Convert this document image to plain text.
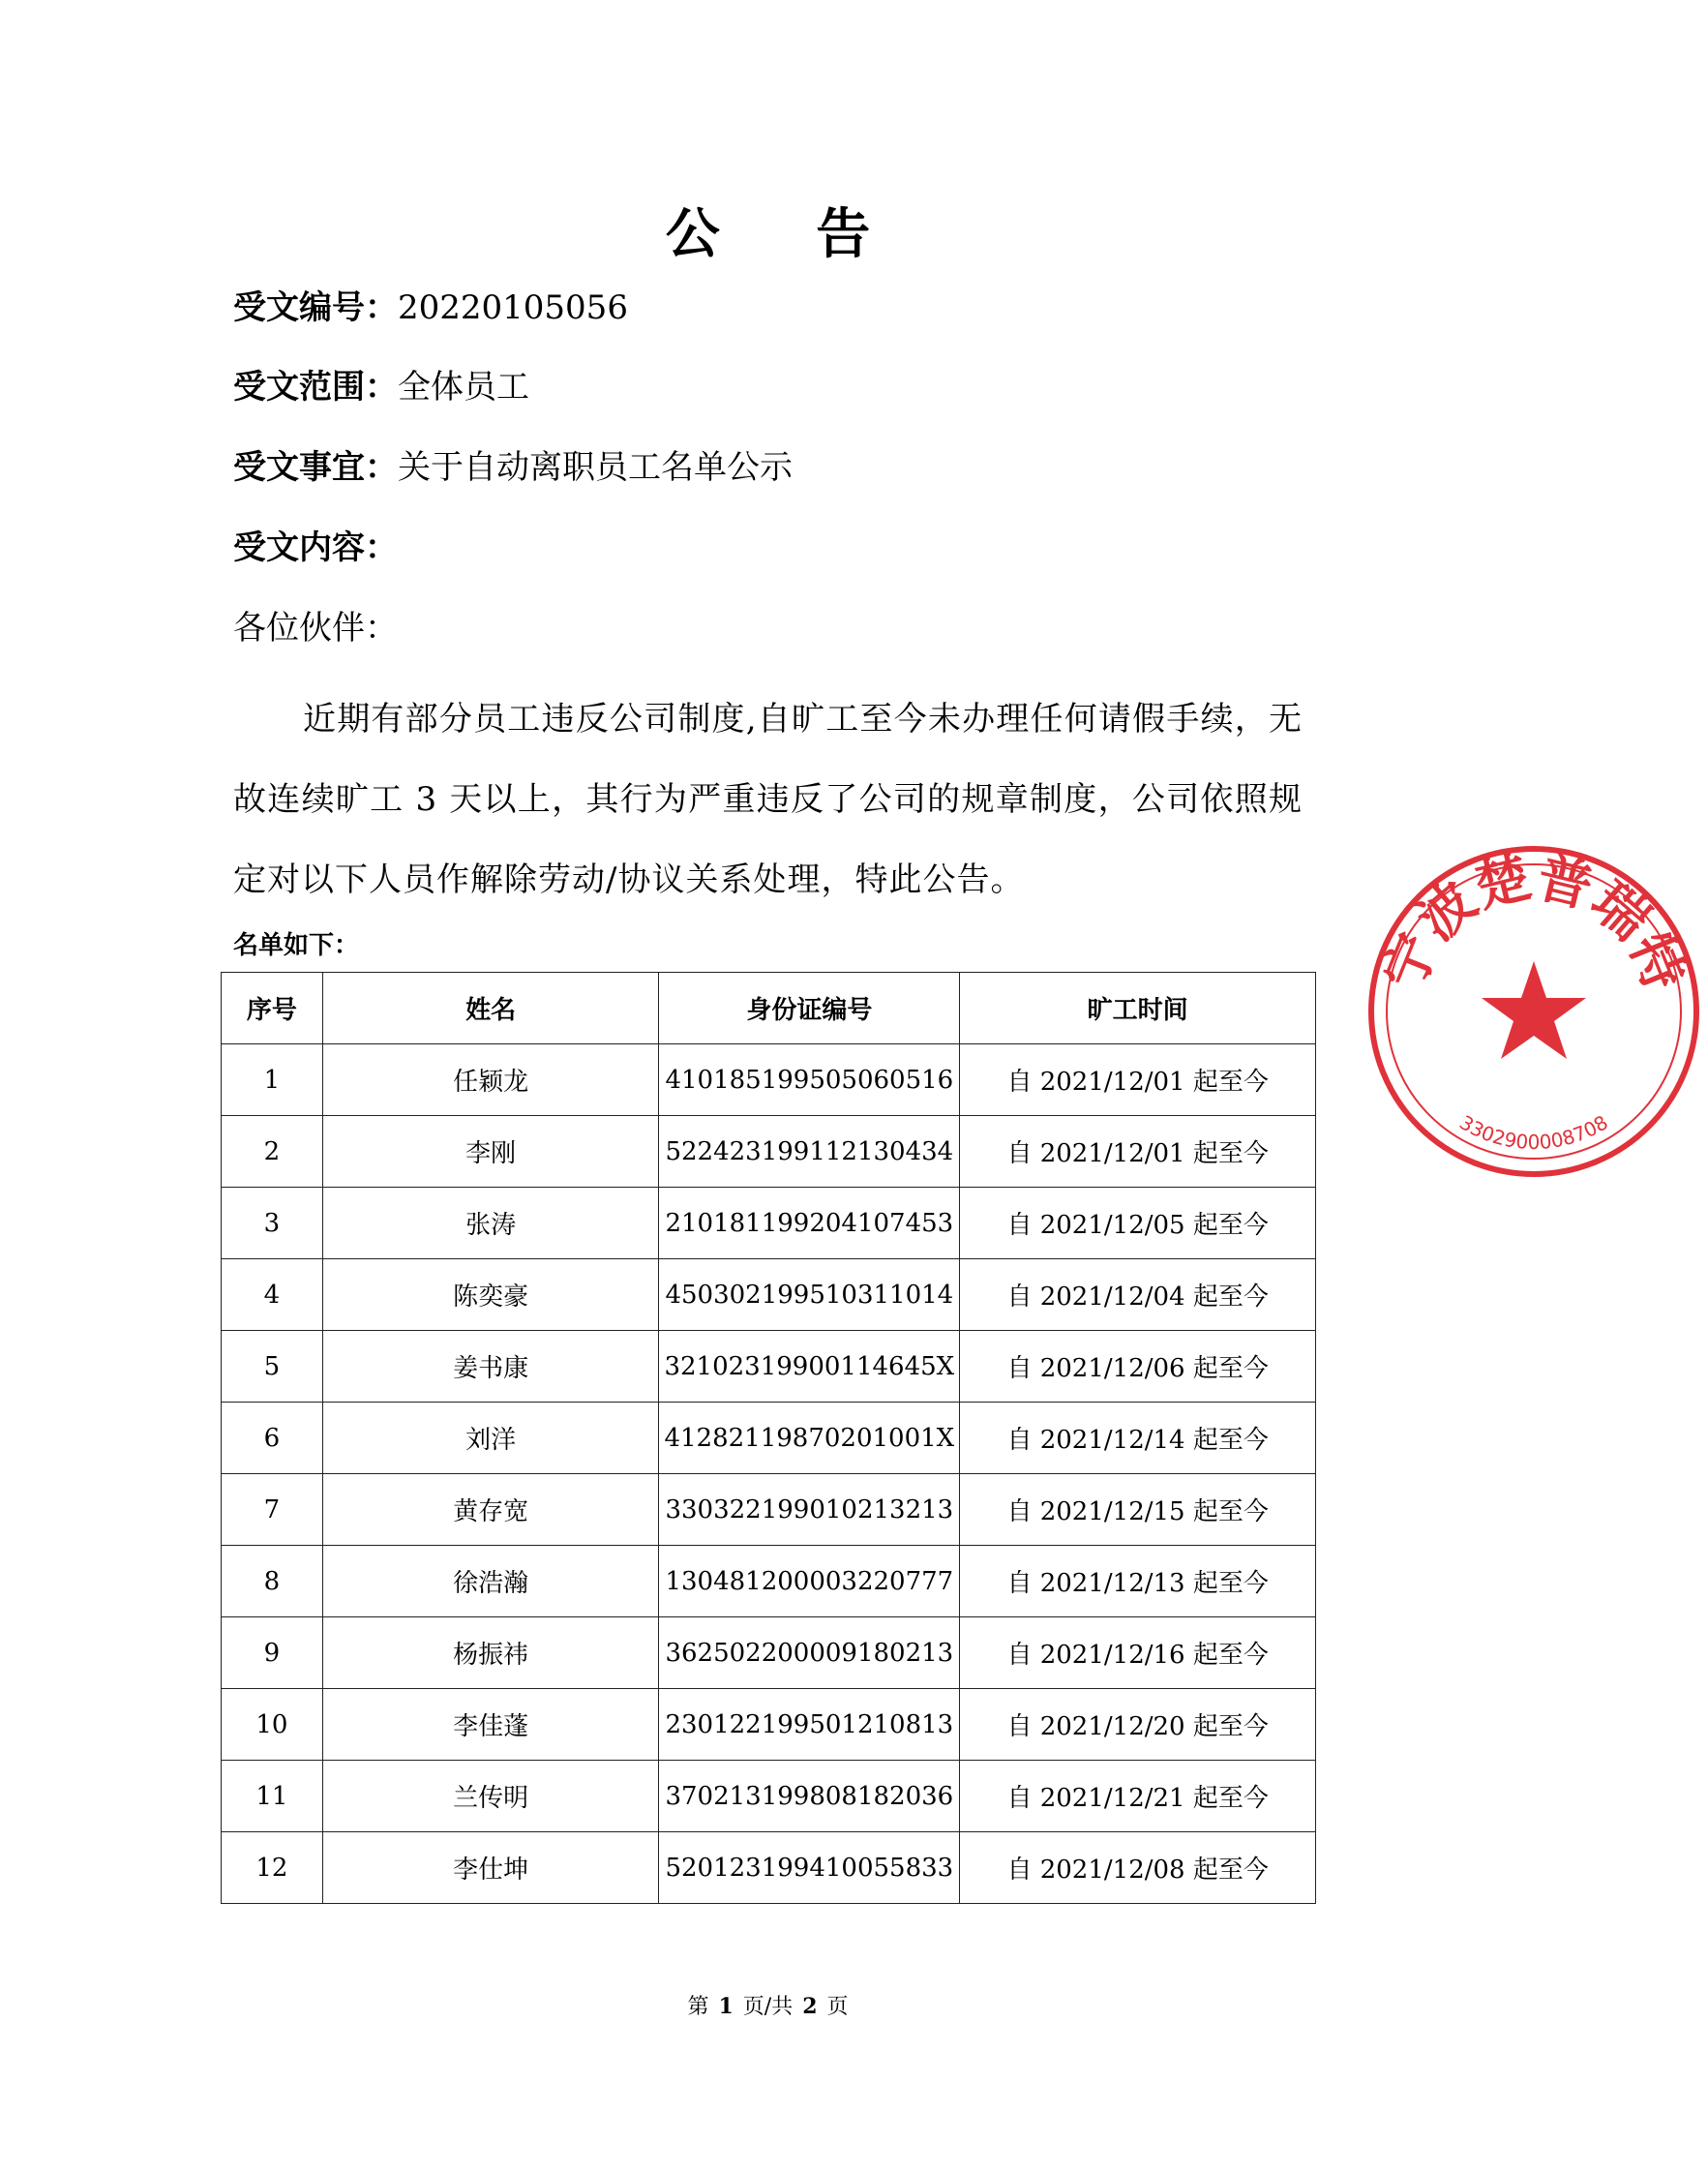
公 告
受文编号：20220105056
受文范围：全体员工
受文事宜：关于自动离职员工名单公示
受文内容：
各位伙伴：
近期有部分员工违反公司制度,自旷工至今未办理任何请假手续，无故连续旷工 3 天以上，其行为严重违反了公司的规章制度，公司依照规定对以下人员作解除劳动/协议关系处理，特此公告。
名单如下：
序号	姓名	身份证编号	旷工时间
1	任颖龙	410185199505060516	自 2021/12/01 起至今
2	李刚	522423199112130434	自 2021/12/01 起至今
3	张涛	210181199204107453	自 2021/12/05 起至今
4	陈奕豪	450302199510311014	自 2021/12/04 起至今
5	姜书康	32102319900114645X	自 2021/12/06 起至今
6	刘洋	41282119870201001X	自 2021/12/14 起至今
7	黄存宽	330322199010213213	自 2021/12/15 起至今
8	徐浩瀚	130481200003220777	自 2021/12/13 起至今
9	杨振祎	362502200009180213	自 2021/12/16 起至今
10	李佳蓬	230122199501210813	自 2021/12/20 起至今
11	兰传明	370213199808182036	自 2021/12/21 起至今
12	李仕坤	520123199410055833	自 2021/12/08 起至今
第 1 页/共 2 页
宁波楚普瑞特
3302900008708
